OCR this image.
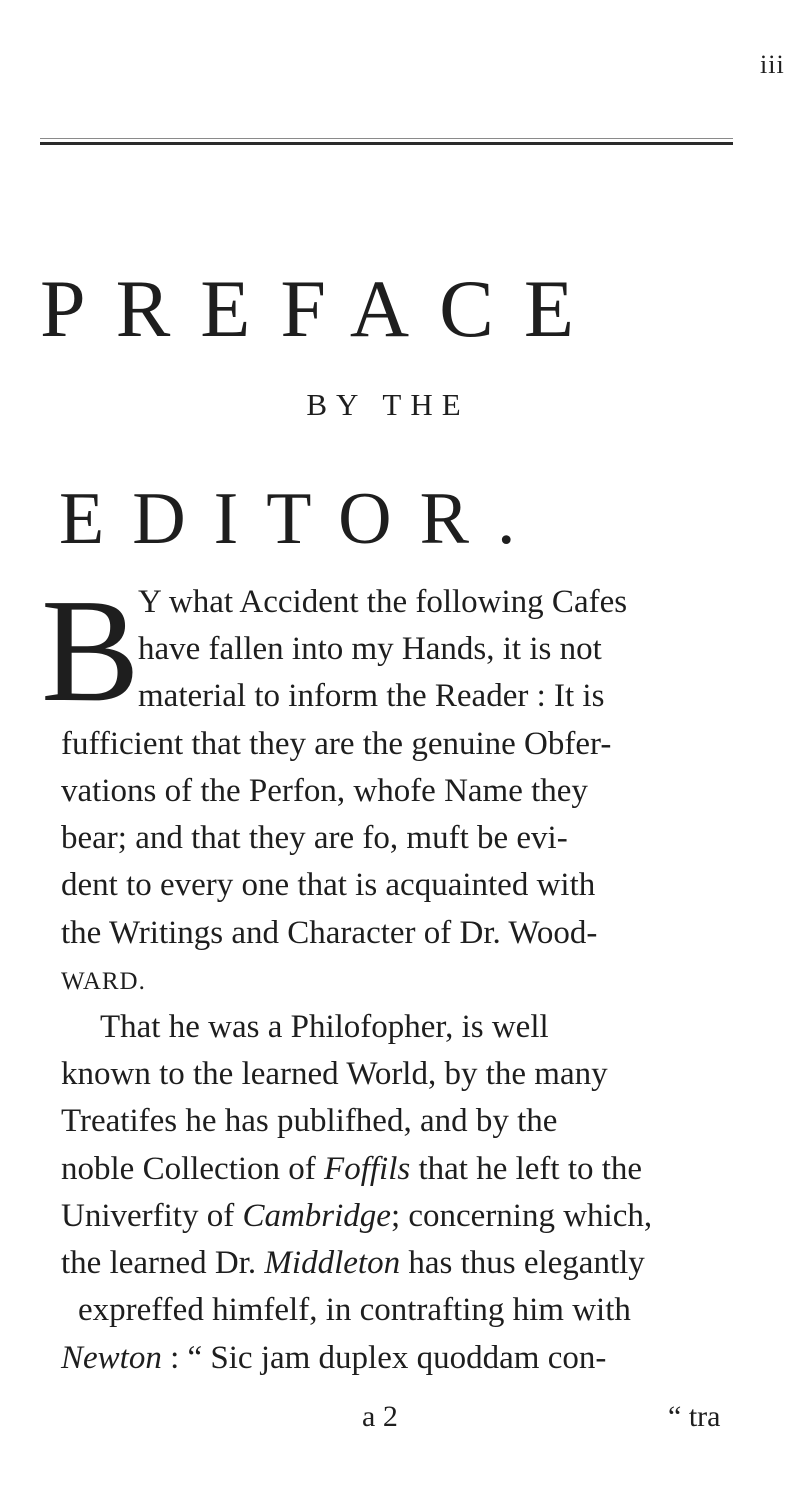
iii
PREFACE
BY THE
EDITOR.
B
Y what Accident the following Cafes
have fallen into my Hands, it is not
material to inform the Reader : It is
fufficient that they are the genuine Obfer-
vations of the Perfon, whofe Name they
bear; and that they are fo, muft be evi-
dent to every one that is acquainted with
the Writings and Character of Dr. Wood-
WARD.
That he was a Philofopher, is well
known to the learned World, by the many
Treatifes he has publifhed, and by the
noble Collection of Foffils that he left to the
Univerfity of Cambridge; concerning which,
the learned Dr. Middleton has thus elegantly
expreffed himfelf, in contrafting him with
Newton : “ Sic jam duplex quoddam con-
a 2	“ tra
